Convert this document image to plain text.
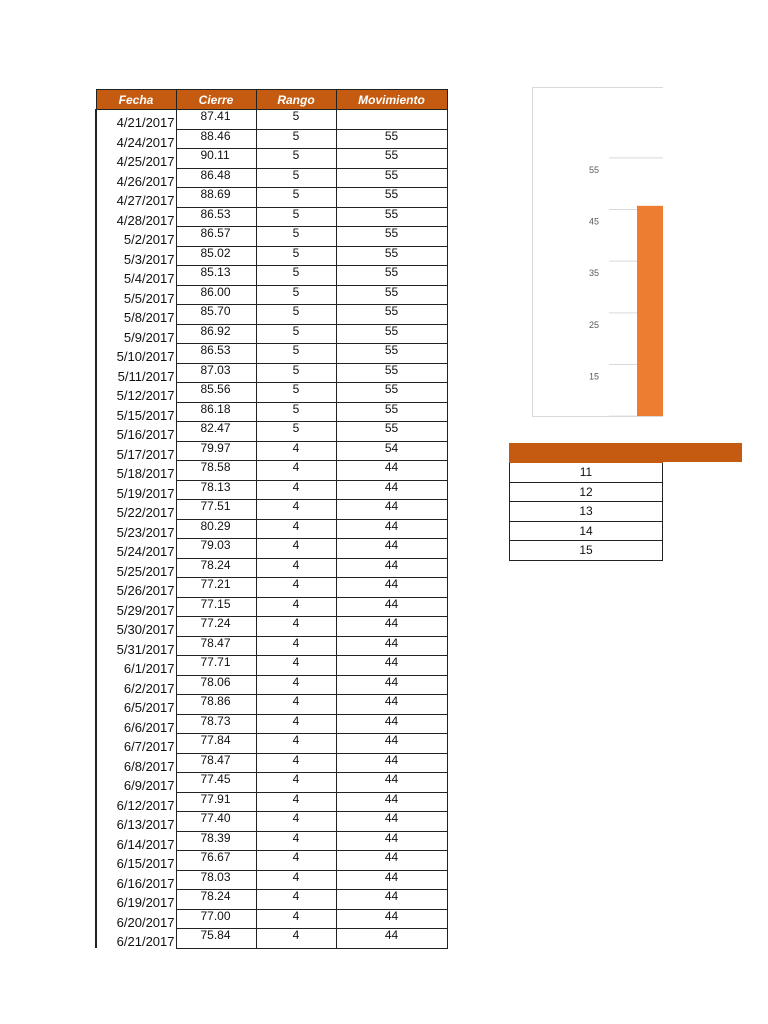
Fecha	Cierre	Rango	Movimiento
4/21/2017	87.41	5	
4/24/2017	88.46	5	55
4/25/2017	90.11	5	55
4/26/2017	86.48	5	55
4/27/2017	88.69	5	55
4/28/2017	86.53	5	55
5/2/2017	86.57	5	55
5/3/2017	85.02	5	55
5/4/2017	85.13	5	55
5/5/2017	86.00	5	55
5/8/2017	85.70	5	55
5/9/2017	86.92	5	55
5/10/2017	86.53	5	55
5/11/2017	87.03	5	55
5/12/2017	85.56	5	55
5/15/2017	86.18	5	55
5/16/2017	82.47	5	55
5/17/2017	79.97	4	54
5/18/2017	78.58	4	44
5/19/2017	78.13	4	44
5/22/2017	77.51	4	44
5/23/2017	80.29	4	44
5/24/2017	79.03	4	44
5/25/2017	78.24	4	44
5/26/2017	77.21	4	44
5/29/2017	77.15	4	44
5/30/2017	77.24	4	44
5/31/2017	78.47	4	44
6/1/2017	77.71	4	44
6/2/2017	78.06	4	44
6/5/2017	78.86	4	44
6/6/2017	78.73	4	44
6/7/2017	77.84	4	44
6/8/2017	78.47	4	44
6/9/2017	77.45	4	44
6/12/2017	77.91	4	44
6/13/2017	77.40	4	44
6/14/2017	78.39	4	44
6/15/2017	76.67	4	44
6/16/2017	78.03	4	44
6/19/2017	78.24	4	44
6/20/2017	77.00	4	44
6/21/2017	75.84	4	44
55
45
35
25
15

11
12
13
14
15
